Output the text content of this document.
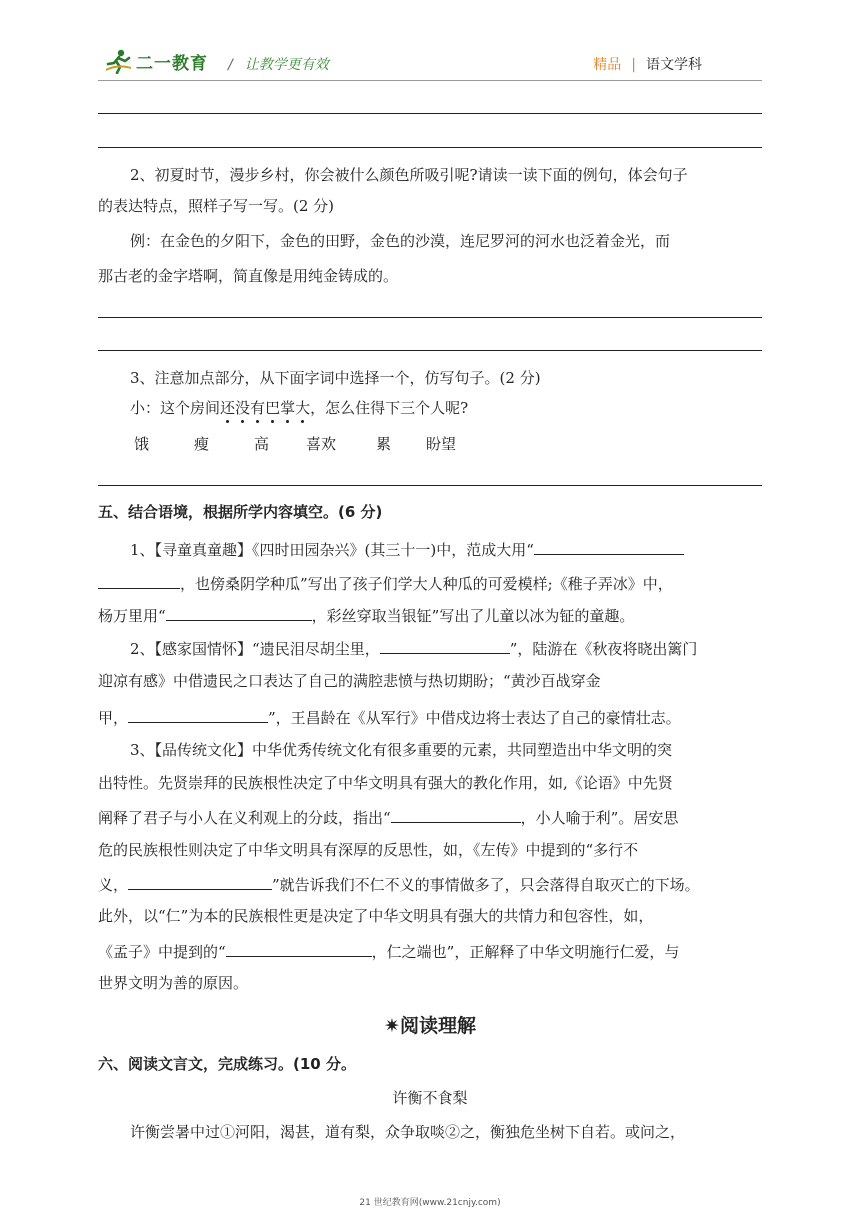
二一教育 / 让教学更有效	精品 | 语文学科
2、初夏时节，漫步乡村，你会被什么颜色所吸引呢?请读一读下面的例句，体会句子
的表达特点，照样子写一写。(2 分)
例：在金色的夕阳下，金色的田野，金色的沙漠，连尼罗河的河水也泛着金光，而
那古老的金字塔啊，简直像是用纯金铸成的。
3、注意加点部分，从下面字词中选择一个，仿写句子。(2 分)
小：这个房间还没有巴掌大，怎么住得下三个人呢?
饿	瘦	高 喜欢	累 盼望
五、结合语境，根据所学内容填空。(6 分)
1、【寻童真童趣】《四时田园杂兴》(其三十一)中，范成大用“
，也傍桑阴学种瓜”写出了孩子们学大人种瓜的可爱模样;《稚子弄冰》中，
杨万里用“	，彩丝穿取当银钲”写出了儿童以冰为钲的童趣。
2、【感家国情怀】“遗民泪尽胡尘里，	”，陆游在《秋夜将晓出篱门
迎凉有感》中借遗民之口表达了自己的满腔悲愤与热切期盼；“黄沙百战穿金
甲，	”，王昌龄在《从军行》中借戍边将士表达了自己的豪情壮志。
3、【品传统文化】中华优秀传统文化有很多重要的元素，共同塑造出中华文明的突
出特性。先贤崇拜的民族根性决定了中华文明具有强大的教化作用，如,《论语》中先贤
阐释了君子与小人在义利观上的分歧，指出“	，小人喻于利”。居安思
危的民族根性则决定了中华文明具有深厚的反思性，如，《左传》中提到的“多行不
义，	”就告诉我们不仁不义的事情做多了，只会落得自取灭亡的下场。
此外，以“仁”为本的民族根性更是决定了中华文明具有强大的共情力和包容性，如，
《孟子》中提到的“	，仁之端也”，正解释了中华文明施行仁爱，与
世界文明为善的原因。
✷阅读理解
六、阅读文言文，完成练习。(10 分。
许衡不食梨
许衡尝暑中过①河阳，渴甚，道有梨，众争取啖②之，衡独危坐树下自若。或问之，
21 世纪教育网(www.21cnjy.com)
